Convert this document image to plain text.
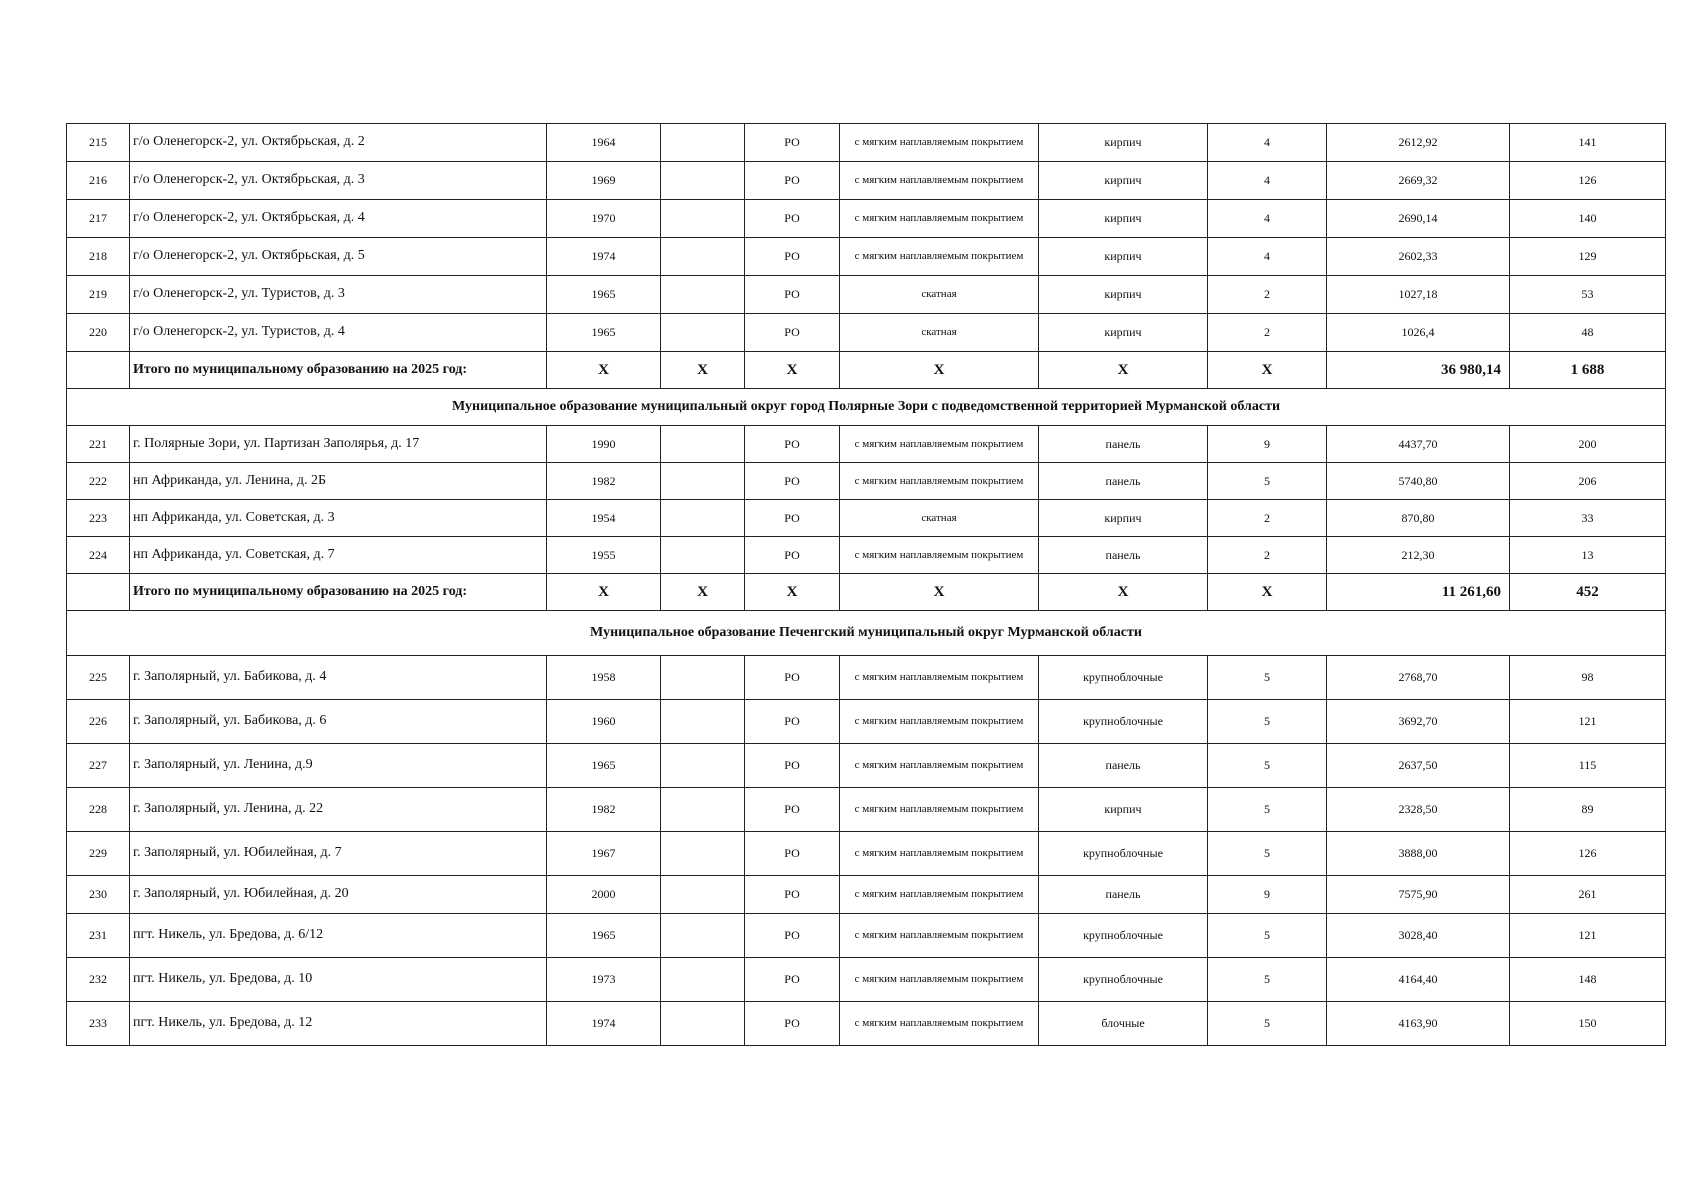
215	г/о Оленегорск-2, ул. Октябрьская, д. 2	1964		РО	с мягким наплавляемым покрытием	кирпич	4	2612,92	141
216	г/о Оленегорск-2, ул. Октябрьская, д. 3	1969		РО	с мягким наплавляемым покрытием	кирпич	4	2669,32	126
217	г/о Оленегорск-2, ул. Октябрьская, д. 4	1970		РО	с мягким наплавляемым покрытием	кирпич	4	2690,14	140
218	г/о Оленегорск-2, ул. Октябрьская, д. 5	1974		РО	с мягким наплавляемым покрытием	кирпич	4	2602,33	129
219	г/о Оленегорск-2, ул. Туристов, д. 3	1965		РО	скатная	кирпич	2	1027,18	53
220	г/о Оленегорск-2, ул. Туристов, д. 4	1965		РО	скатная	кирпич	2	1026,4	48
	Итого по муниципальному образованию на 2025 год:	X	X	X	X	X	X	36 980,14	1 688
Муниципальное образование муниципальный округ город Полярные Зори с подведомственной территорией Мурманской области									
221	г. Полярные Зори, ул. Партизан Заполярья, д. 17	1990		РО	с мягким наплавляемым покрытием	панель	9	4437,70	200
222	нп Африканда, ул. Ленина, д. 2Б	1982		РО	с мягким наплавляемым покрытием	панель	5	5740,80	206
223	нп Африканда, ул. Советская, д. 3	1954		РО	скатная	кирпич	2	870,80	33
224	нп Африканда, ул. Советская, д. 7	1955		РО	с мягким наплавляемым покрытием	панель	2	212,30	13
	Итого по муниципальному образованию на 2025 год:	X	X	X	X	X	X	11 261,60	452
Муниципальное образование Печенгский муниципальный округ Мурманской области									
225	г. Заполярный, ул. Бабикова, д. 4	1958		РО	с мягким наплавляемым покрытием	крупноблочные	5	2768,70	98
226	г. Заполярный, ул. Бабикова, д. 6	1960		РО	с мягким наплавляемым покрытием	крупноблочные	5	3692,70	121
227	г. Заполярный, ул. Ленина, д.9	1965		РО	с мягким наплавляемым покрытием	панель	5	2637,50	115
228	г. Заполярный, ул. Ленина, д. 22	1982		РО	с мягким наплавляемым покрытием	кирпич	5	2328,50	89
229	г. Заполярный, ул. Юбилейная, д. 7	1967		РО	с мягким наплавляемым покрытием	крупноблочные	5	3888,00	126
230	г. Заполярный, ул. Юбилейная, д. 20	2000		РО	с мягким наплавляемым покрытием	панель	9	7575,90	261
231	пгт. Никель, ул. Бредова, д. 6/12	1965		РО	с мягким наплавляемым покрытием	крупноблочные	5	3028,40	121
232	пгт. Никель, ул. Бредова, д. 10	1973		РО	с мягким наплавляемым покрытием	крупноблочные	5	4164,40	148
233	пгт. Никель, ул. Бредова, д. 12	1974		РО	с мягким наплавляемым покрытием	блочные	5	4163,90	150
